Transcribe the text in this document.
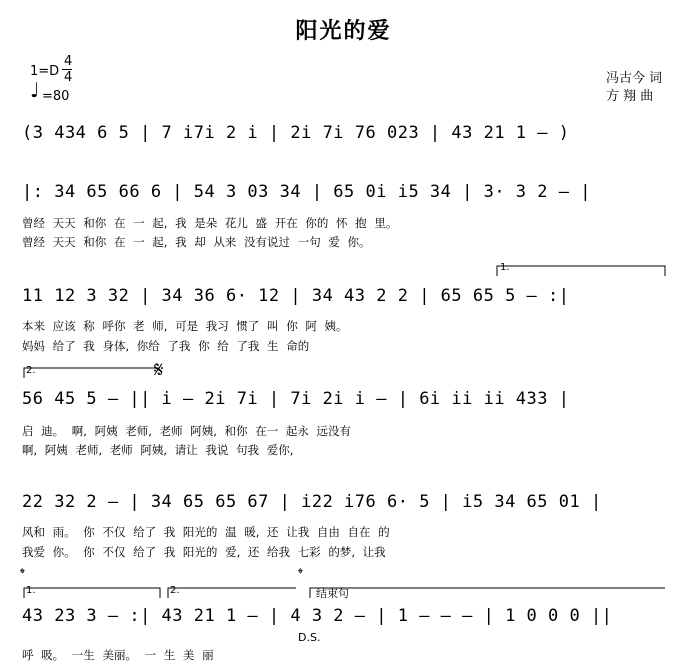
阳光的爱
1=D
4
4
♩ =80
冯古今 词
方 翔 曲
(3 434 6 5 | 7 i7i 2 i | 2i 7i 76 023 | 43 21 1 – )
|: 34 65 66 6 | 54 3 03 34 | 65 0i i5 34 | 3· 3 2 – |
曾经 天天 和你 在 一 起, 我 是朵 花儿 盛 开在 你的 怀 抱 里。
曾经 天天 和你 在 一 起, 我 却 从来 没有说过 一句 爱 你。
1.
11 12 3 32 | 34 36 6· 12 | 34 43 2 2 | 65 65 5 – :|
本来 应该 称 呼你 老 师, 可是 我习 惯了 叫 你 阿 姨。
妈妈 给了 我 身体, 你给 了我 你 给 了我 生 命的
2.	𝄋
56 45 5 – || i – 2i 7i | 7i 2i i – | 6i ii ii 433 |
启 迪。 啊, 阿姨 老师, 老师 阿姨, 和你 在一 起永 远没有
啊, 阿姨 老师, 老师 阿姨, 请让 我说 句我 爱你,
22 32 2 – | 34 65 65 67 | i22 i76 6· 5 | i5 34 65 01 |
风和 雨。 你 不仅 给了 我 阳光的 温 暖, 还 让我 自由 自在 的
我爱 你。 你 不仅 给了 我 阳光的 爱, 还 给我 七彩 的梦, 让我
𝄌	𝄌
1.	2.	结束句
43 23 3 – :| 43 21 1 – | 4 3 2 – | 1 – – – | 1 0 0 0 ||
D.S.
呼 吸。 一生 美丽。 一 生 美 丽
